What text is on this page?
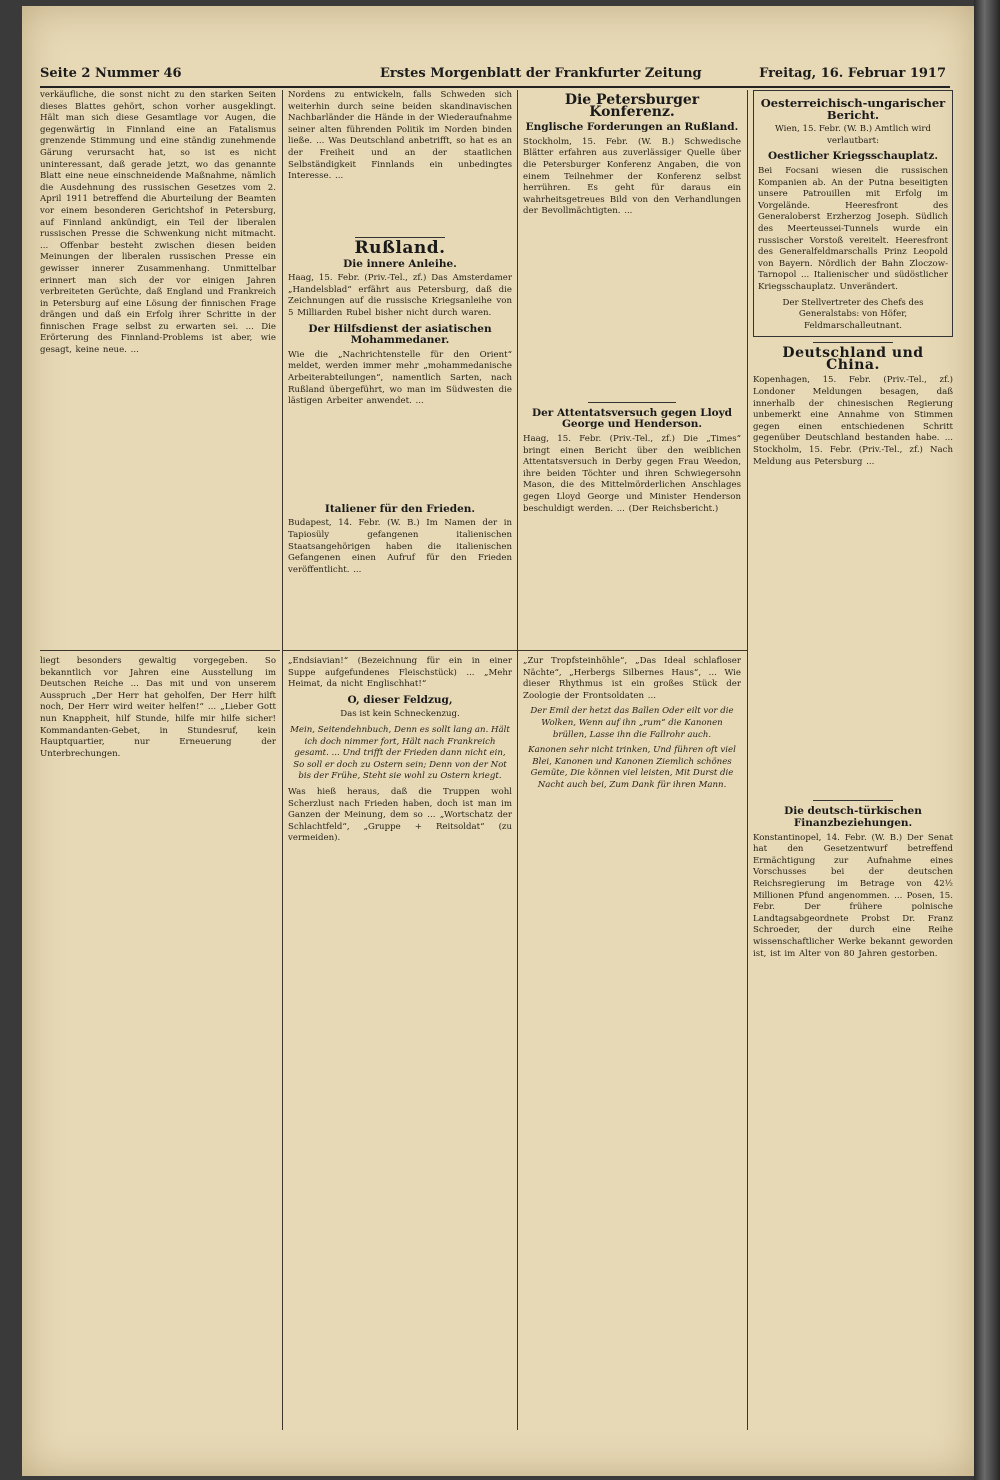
Seite 2 Nummer 46	Erstes Morgenblatt der Frankfurter Zeitung	Freitag, 16. Februar 1917
verkäufliche, die sonst nicht zu den starken Seiten dieses Blattes gehört, schon vorher ausgeklingt. Hält man sich diese Gesamtlage vor Augen, die gegenwärtig in Finnland eine an Fatalismus grenzende Stimmung und eine ständig zunehmende Gärung verursacht hat, so ist es nicht uninteressant, daß gerade jetzt, wo das genannte Blatt eine neue einschneidende Maßnahme, nämlich die Ausdehnung des russischen Gesetzes vom 2. April 1911 betreffend die Aburteilung der Beamten vor einem besonderen Gerichtshof in Petersburg, auf Finnland ankündigt, ein Teil der liberalen russischen Presse die Schwenkung nicht mitmacht. ... Offenbar besteht zwischen diesen beiden Meinungen der liberalen russischen Presse ein gewisser innerer Zusammenhang. Unmittelbar erinnert man sich der vor einigen Jahren verbreiteten Gerüchte, daß England und Frankreich in Petersburg auf eine Lösung der finnischen Frage drängen und daß ein Erfolg ihrer Schritte in der finnischen Frage selbst zu erwarten sei. ... Die Erörterung des Finnland-Problems ist aber, wie gesagt, keine neue. ...
Nordens zu entwickeln, falls Schweden sich weiterhin durch seine beiden skandinavischen Nachbarländer die Hände in der Wiederaufnahme seiner alten führenden Politik im Norden binden ließe. ... Was Deutschland anbetrifft, so hat es an der Freiheit und an der staatlichen Selbständigkeit Finnlands ein unbedingtes Interesse. ...
Rußland.
Die innere Anleihe.
Haag, 15. Febr. (Priv.-Tel., zf.) Das Amsterdamer „Handelsblad“ erfährt aus Petersburg, daß die Zeichnungen auf die russische Kriegsanleihe von 5 Milliarden Rubel bisher nicht durch waren.
Der Hilfsdienst der asiatischen Mohammedaner.
Wie die „Nachrichtenstelle für den Orient“ meldet, werden immer mehr „mohammedanische Arbeiterabteilungen“, namentlich Sarten, nach Rußland übergeführt, wo man im Südwesten die lästigen Arbeiter anwendet. ...
Italiener für den Frieden.
Budapest, 14. Febr. (W. B.) Im Namen der in Tapiosüly gefangenen italienischen Staatsangehörigen haben die italienischen Gefangenen einen Aufruf für den Frieden veröffentlicht. ...
Die Petersburger Konferenz.
Englische Forderungen an Rußland.
Stockholm, 15. Febr. (W. B.) Schwedische Blätter erfahren aus zuverlässiger Quelle über die Petersburger Konferenz Angaben, die von einem Teilnehmer der Konferenz selbst herrühren. Es geht für daraus ein wahrheitsgetreues Bild von den Verhandlungen der Bevollmächtigten. ...
Der Attentatsversuch gegen Lloyd George und Henderson.
Haag, 15. Febr. (Priv.-Tel., zf.) Die „Times“ bringt einen Bericht über den weiblichen Attentatsversuch in Derby gegen Frau Weedon, ihre beiden Töchter und ihren Schwiegersohn Mason, die des Mittelmörderlichen Anschlages gegen Lloyd George und Minister Henderson beschuldigt werden. ... (Der Reichsbericht.)
Oesterreichisch-ungarischer Bericht.
Wien, 15. Febr. (W. B.) Amtlich wird verlautbart:
Oestlicher Kriegsschauplatz.
Bei Focsani wiesen die russischen Kompanien ab. An der Putna beseitigten unsere Patrouillen mit Erfolg im Vorgelände. Heeresfront des Generaloberst Erzherzog Joseph. Südlich des Meerteussei-Tunnels wurde ein russischer Vorstoß vereitelt. Heeresfront des Generalfeldmarschalls Prinz Leopold von Bayern. Nördlich der Bahn Zloczow-Tarnopol ... Italienischer und südöstlicher Kriegsschauplatz. Unverändert.
Der Stellvertreter des Chefs des Generalstabs: von Höfer, Feldmarschalleutnant.
Deutschland und China.
Kopenhagen, 15. Febr. (Priv.-Tel., zf.) Londoner Meldungen besagen, daß innerhalb der chinesischen Regierung unbemerkt eine Annahme von Stimmen gegen einen entschiedenen Schritt gegenüber Deutschland bestanden habe. ... Stockholm, 15. Febr. (Priv.-Tel., zf.) Nach Meldung aus Petersburg ...
Die deutsch-türkischen Finanzbeziehungen.
Konstantinopel, 14. Febr. (W. B.) Der Senat hat den Gesetzentwurf betreffend Ermächtigung zur Aufnahme eines Vorschusses bei der deutschen Reichsregierung im Betrage von 42½ Millionen Pfund angenommen. ... Posen, 15. Febr. Der frühere polnische Landtagsabgeordnete Probst Dr. Franz Schroeder, der durch eine Reihe wissenschaftlicher Werke bekannt geworden ist, ist im Alter von 80 Jahren gestorben.
liegt besonders gewaltig vorgegeben. So bekanntlich vor Jahren eine Ausstellung im Deutschen Reiche ... Das mit und von unserem Ausspruch „Der Herr hat geholfen, Der Herr hilft noch, Der Herr wird weiter helfen!“ ... „Lieber Gott nun Knappheit, hilf Stunde, hilfe mir hilfe sicher! Kommandanten-Gebet, in Stundesruf, kein Hauptquartier, nur Erneuerung der Unterbrechungen.
„Endsiavian!“ (Bezeichnung für ein in einer Suppe aufgefundenes Fleischstück) ... „Mehr Heimat, da nicht Englischhat!“
O, dieser Feldzug,
Das ist kein Schneckenzug.
Mein, Seitendehnbuch, Denn es sollt lang an. Hält ich doch nimmer fort, Hält nach Frankreich gesamt. ... Und trifft der Frieden dann nicht ein, So soll er doch zu Ostern sein; Denn von der Not bis der Frühe, Steht sie wohl zu Ostern kriegt.
Was hieß heraus, daß die Truppen wohl Scherzlust nach Frieden haben, doch ist man im Ganzen der Meinung, dem so ... „Wortschatz der Schlachtfeld“, „Gruppe + Reitsoldat“ (zu vermeiden).
„Zur Tropfsteinhöhle“, „Das Ideal schlafloser Nächte“, „Herbergs Silbernes Haus“, ... Wie dieser Rhythmus ist ein großes Stück der Zoologie der Frontsoldaten ...
Der Emil der hetzt das Ballen Oder eilt vor die Wolken, Wenn auf ihn „rum“ die Kanonen brüllen, Lasse ihn die Fallrohr auch.
Kanonen sehr nicht trinken, Und führen oft viel Blei, Kanonen und Kanonen Ziemlich schönes Gemüte, Die können viel leisten, Mit Durst die Nacht auch bei, Zum Dank für ihren Mann.
